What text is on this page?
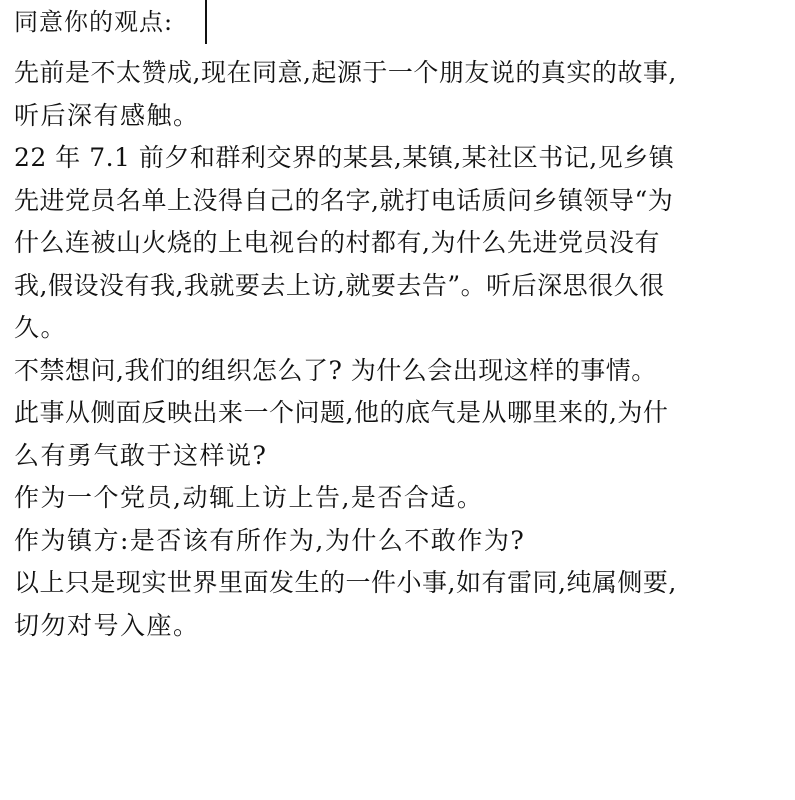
同意你的观点:
先前是不太赞成,现在同意,起源于一个朋友说的真实的故事,
听后深有感触。
22 年 7.1 前夕和群利交界的某县,某镇,某社区书记,见乡镇
先进党员名单上没得自己的名字,就打电话质问乡镇领导“为
什么连被山火烧的上电视台的村都有,为什么先进党员没有
我,假设没有我,我就要去上访,就要去告”。听后深思很久很
久。
不禁想问,我们的组织怎么了? 为什么会出现这样的事情。
此事从侧面反映出来一个问题,他的底气是从哪里来的,为什
么有勇气敢于这样说?
作为一个党员,动辄上访上告,是否合适。
作为镇方:是否该有所作为,为什么不敢作为?
以上只是现实世界里面发生的一件小事,如有雷同,纯属侧要,
切勿对号入座。
